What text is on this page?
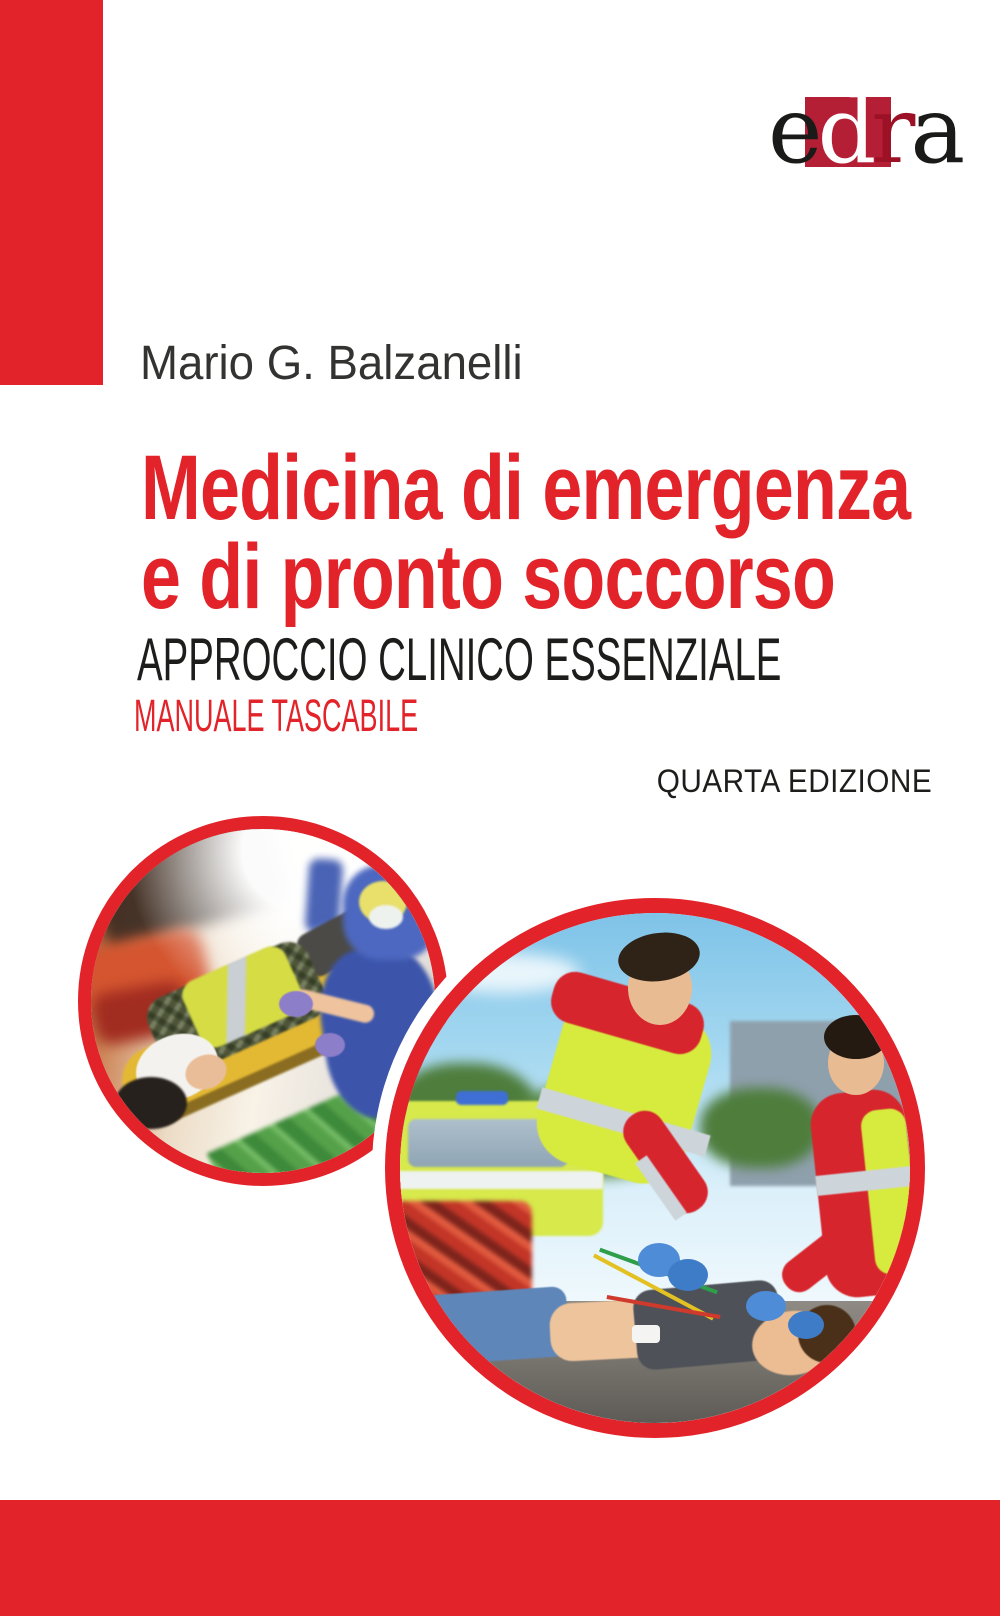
edra
Mario G. Balzanelli
Medicina di emergenza
e di pronto soccorso
APPROCCIO CLINICO ESSENZIALE
MANUALE TASCABILE
QUARTA EDIZIONE
